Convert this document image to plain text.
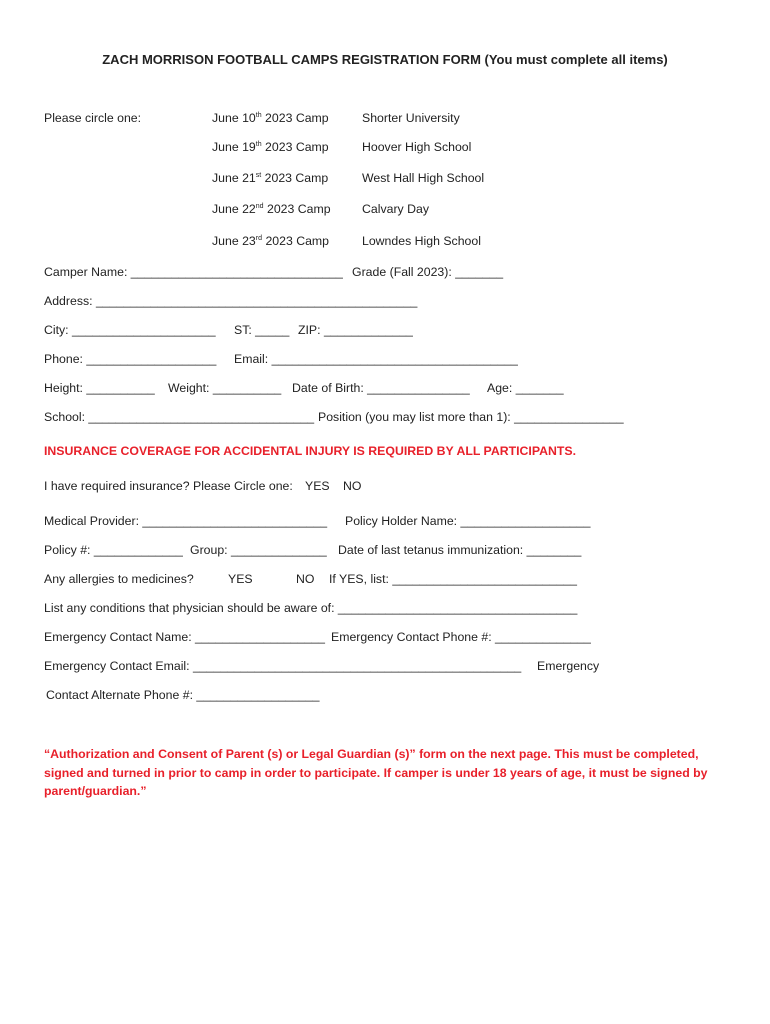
ZACH MORRISON FOOTBALL CAMPS REGISTRATION FORM (You must complete all items)
Please circle one:	June 10th 2023 Camp	Shorter University
June 19th 2023 Camp	Hoover High School
June 21st 2023 Camp	West Hall High School
June 22nd 2023 Camp	Calvary Day
June 23rd 2023 Camp	Lowndes High School
Camper Name: _______________________________ Grade (Fall 2023): _______
Address: _______________________________________________
City: _____________________ ST: _____ ZIP: _____________
Phone: ___________________ Email: ____________________________________
Height: __________ Weight: __________ Date of Birth: _______________ Age: _______
School: _________________________________ Position (you may list more than 1): ________________
INSURANCE COVERAGE FOR ACCIDENTAL INJURY IS REQUIRED BY ALL PARTICIPANTS.
I have required insurance? Please Circle one: YES NO
Medical Provider: ___________________________ Policy Holder Name: ___________________
Policy #: _____________ Group: ______________ Date of last tetanus immunization: ________
Any allergies to medicines?	YES	NO If YES, list: ___________________________
List any conditions that physician should be aware of: ___________________________________
Emergency Contact Name: ___________________ Emergency Contact Phone #: ______________
Emergency Contact Email: ________________________________________________ Emergency
Contact Alternate Phone #: __________________
“Authorization and Consent of Parent (s) or Legal Guardian (s)” form on the next page. This must be completed, signed and turned in prior to camp in order to participate. If camper is under 18 years of age, it must be signed by parent/guardian.”
